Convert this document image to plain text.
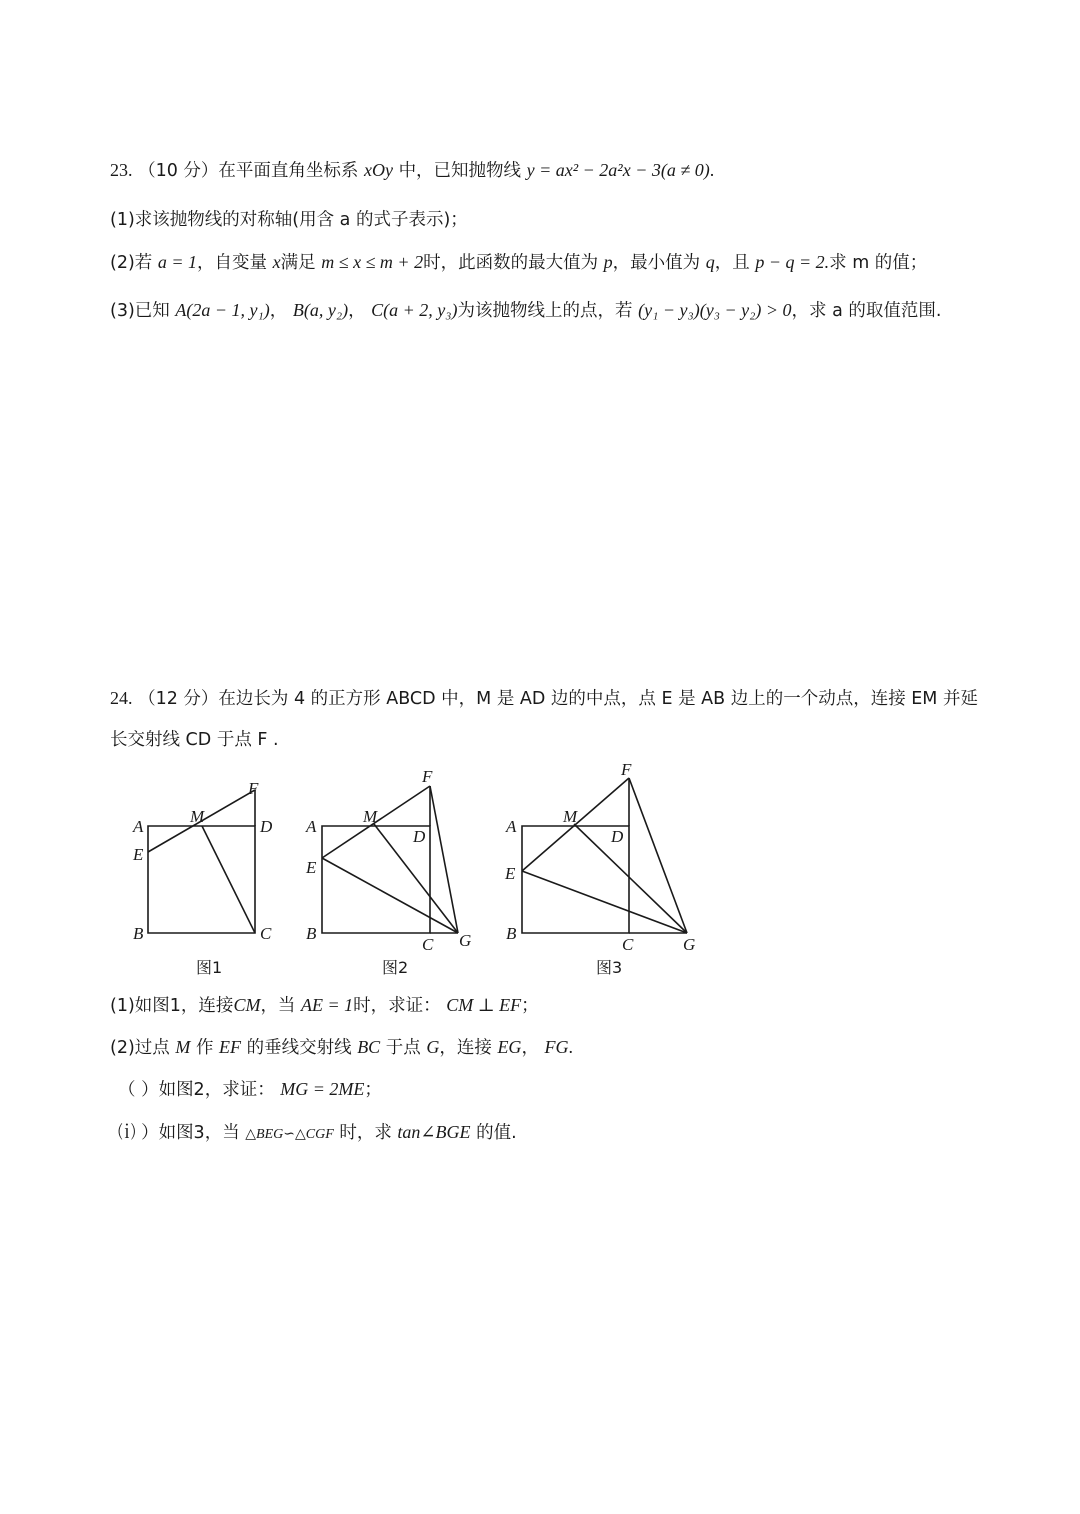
23. （10 分）在平面直角坐标系 xOy 中，已知抛物线 y = ax² − 2a²x − 3(a ≠ 0).
(1)求该抛物线的对称轴(用含 a 的式子表示)；
(2)若 a = 1，自变量 x满足 m ≤ x ≤ m + 2时，此函数的最大值为 p，最小值为 q，且 p − q = 2.求 m 的值；
(3)已知 A(2a − 1, y₁)， B(a, y₂)， C(a + 2, y₃)为该抛物线上的点，若 (y₁ − y₃)(y₃ − y₂) > 0，求 a 的取值范围.
24. （12 分）在边长为 4 的正方形 ABCD 中，M 是 AD 边的中点，点 E 是 AB 边上的一个动点，连接 EM 并延
长交射线 CD 于点 F .
A	D
E
M
F
B	C
图1
A
D
E
M
F
B
C G
图2
A
D
E
M
F
B
C	G
图3
(1)如图1，连接CM，当 AE = 1时，求证： CM ⊥ EF；
(2)过点 M 作 EF 的垂线交射线 BC 于点 G，连接 EG， FG.
（ ）如图2，求证： MG = 2ME；
⒤ ）如图3，当 △BEG∽△CGF 时，求 tan∠BGE 的值.
